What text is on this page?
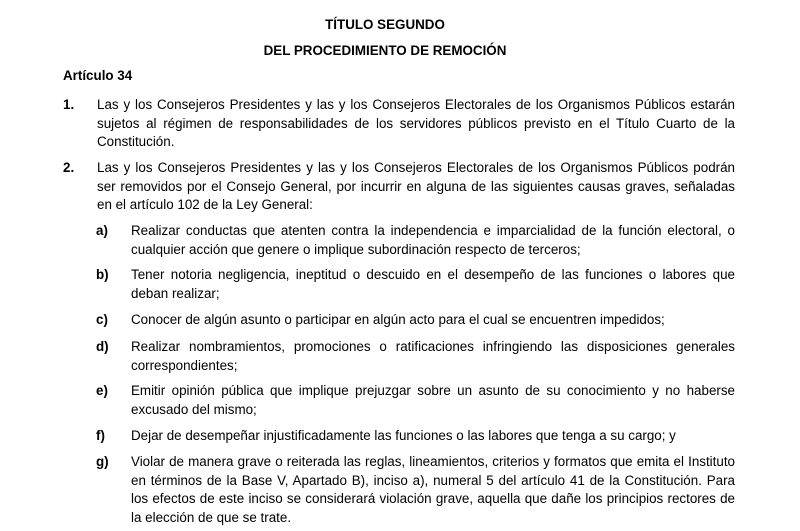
TÍTULO SEGUNDO
DEL PROCEDIMIENTO DE REMOCIÓN
Artículo 34
1. Las y los Consejeros Presidentes y las y los Consejeros Electorales de los Organismos Públicos estarán sujetos al régimen de responsabilidades de los servidores públicos previsto en el Título Cuarto de la Constitución.
2. Las y los Consejeros Presidentes y las y los Consejeros Electorales de los Organismos Públicos podrán ser removidos por el Consejo General, por incurrir en alguna de las siguientes causas graves, señaladas en el artículo 102 de la Ley General:
a) Realizar conductas que atenten contra la independencia e imparcialidad de la función electoral, o cualquier acción que genere o implique subordinación respecto de terceros;
b) Tener notoria negligencia, ineptitud o descuido en el desempeño de las funciones o labores que deban realizar;
c) Conocer de algún asunto o participar en algún acto para el cual se encuentren impedidos;
d) Realizar nombramientos, promociones o ratificaciones infringiendo las disposiciones generales correspondientes;
e) Emitir opinión pública que implique prejuzgar sobre un asunto de su conocimiento y no haberse excusado del mismo;
f) Dejar de desempeñar injustificadamente las funciones o las labores que tenga a su cargo; y
g) Violar de manera grave o reiterada las reglas, lineamientos, criterios y formatos que emita el Instituto en términos de la Base V, Apartado B), inciso a), numeral 5 del artículo 41 de la Constitución. Para los efectos de este inciso se considerará violación grave, aquella que dañe los principios rectores de la elección de que se trate.
